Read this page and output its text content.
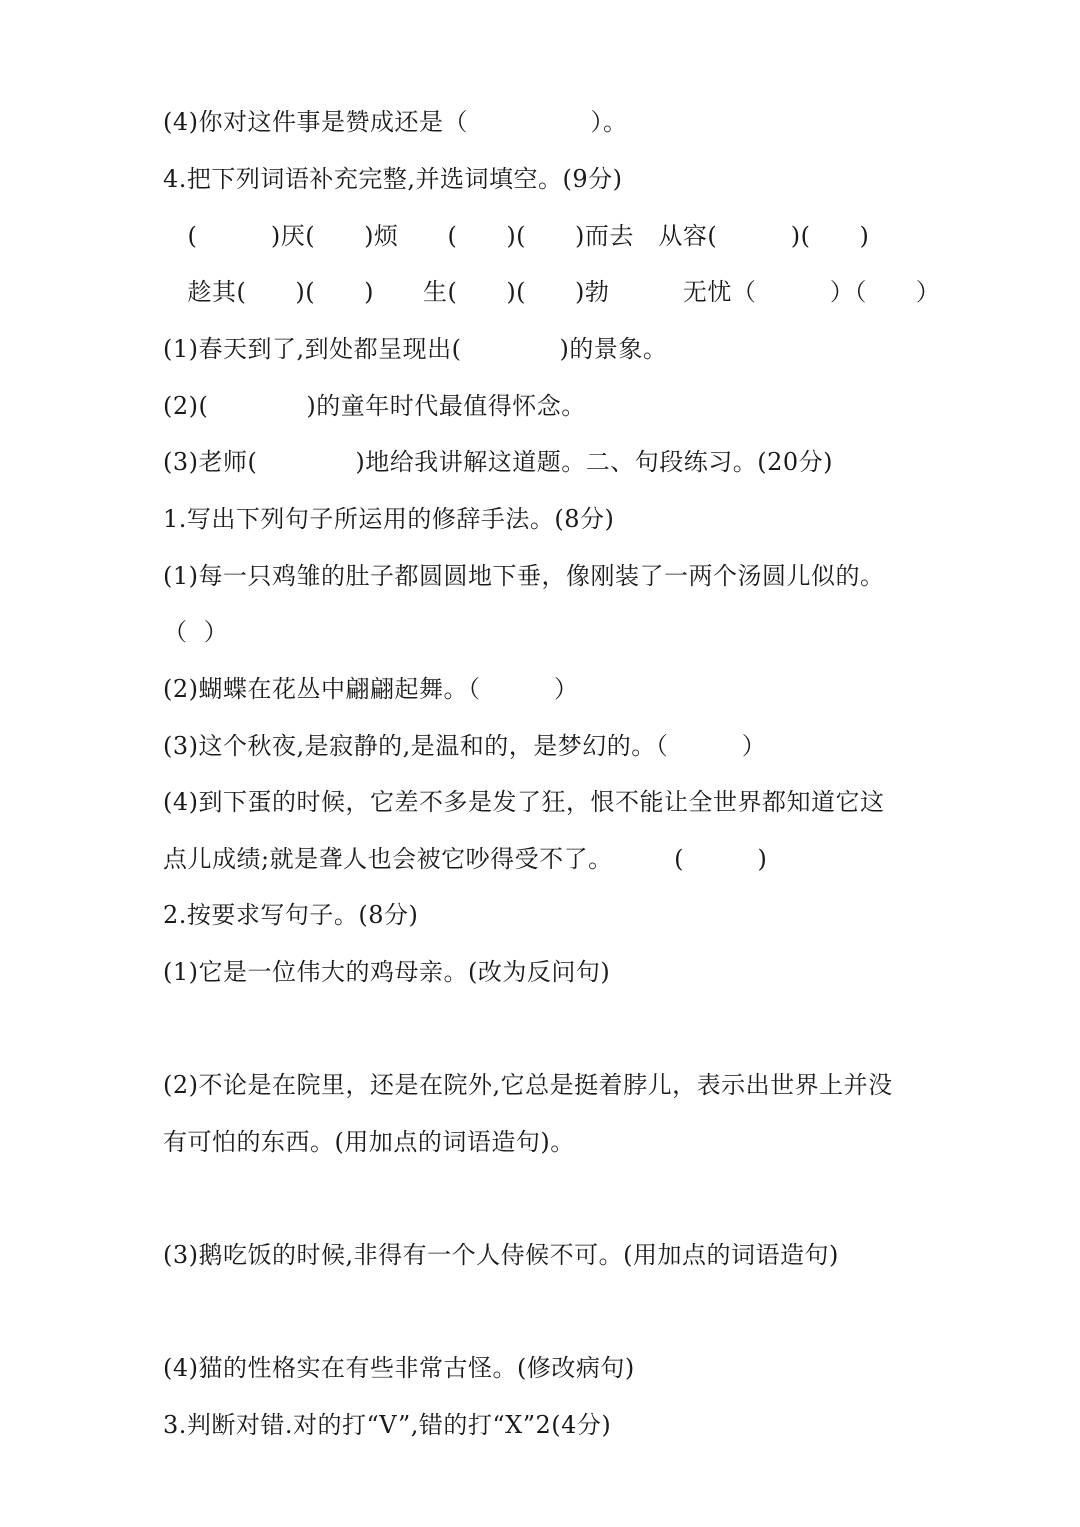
(4)你对这件事是赞成还是（　　　　　）。
4.把下列词语补充完整,并选词填空。(9分)
　(　　　)厌(　　)烦　　(　　)(　　)而去　从容(　　　)(　　)
　趁其(　　)(　　)　　生(　　)(　　)勃　　　无忧（　　　）（　　）
(1)春天到了,到处都呈现出(　　　　)的景象。
(2)(　　　　)的童年时代最值得怀念。
(3)老师(　　　　)地给我讲解这道题。二、句段练习。(20分)
1.写出下列句子所运用的修辞手法。(8分)
(1)每一只鸡雏的肚子都圆圆地下垂，像刚装了一两个汤圆儿似的。
（  ）
(2)蝴蝶在花丛中翩翩起舞。（　　　）
(3)这个秋夜,是寂静的,是温和的，是梦幻的。（　　　）
(4)到下蛋的时候，它差不多是发了狂，恨不能让全世界都知道它这
点儿成绩;就是聋人也会被它吵得受不了。　　　(　　　)
2.按要求写句子。(8分)
(1)它是一位伟大的鸡母亲。(改为反问句)
(2)不论是在院里，还是在院外,它总是挺着脖儿，表示出世界上并没
有可怕的东西。(用加点的词语造句)。
(3)鹅吃饭的时候,非得有一个人侍候不可。(用加点的词语造句)
(4)猫的性格实在有些非常古怪。(修改病句)
3.判断对错.对的打“V”,错的打“X”2(4分)
